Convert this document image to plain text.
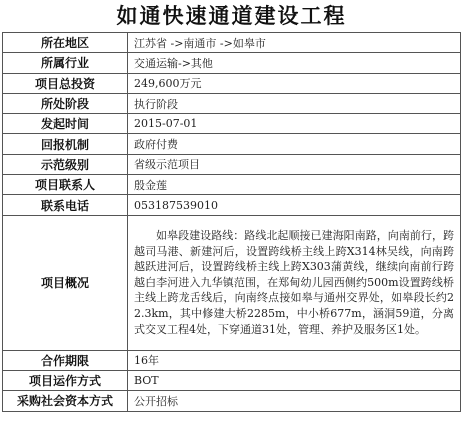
如通快速通道建设工程
所在地区	江苏省 ->南通市 ->如皋市
所属行业	交通运输->其他
项目总投资	249,600万元
所处阶段	执行阶段
发起时间	2015-07-01
回报机制	政府付费
示范级别	省级示范项目
项目联系人	殷金莲
联系电话	053187539010
项目概况	如皋段建设路线：路线北起顺接已建海阳南路，向南前行，跨越司马港、新建河后，设置跨线桥主线上跨X314林吴线，向南跨越跃进河后，设置跨线桥主线上跨X303蒲黄线，继续向南前行跨越白李河进入九华镇范围，在郑甸幼儿园西侧约500m设置跨线桥主线上跨龙舌线后，向南终点接如皋与通州交界处，如皋段长约22.3km，其中修建大桥2285m，中小桥677m，涵洞59道，分离式交叉工程4处，下穿通道31处，管理、养护及服务区1处。
合作期限	16年
项目运作方式	BOT
采购社会资本方式	公开招标
